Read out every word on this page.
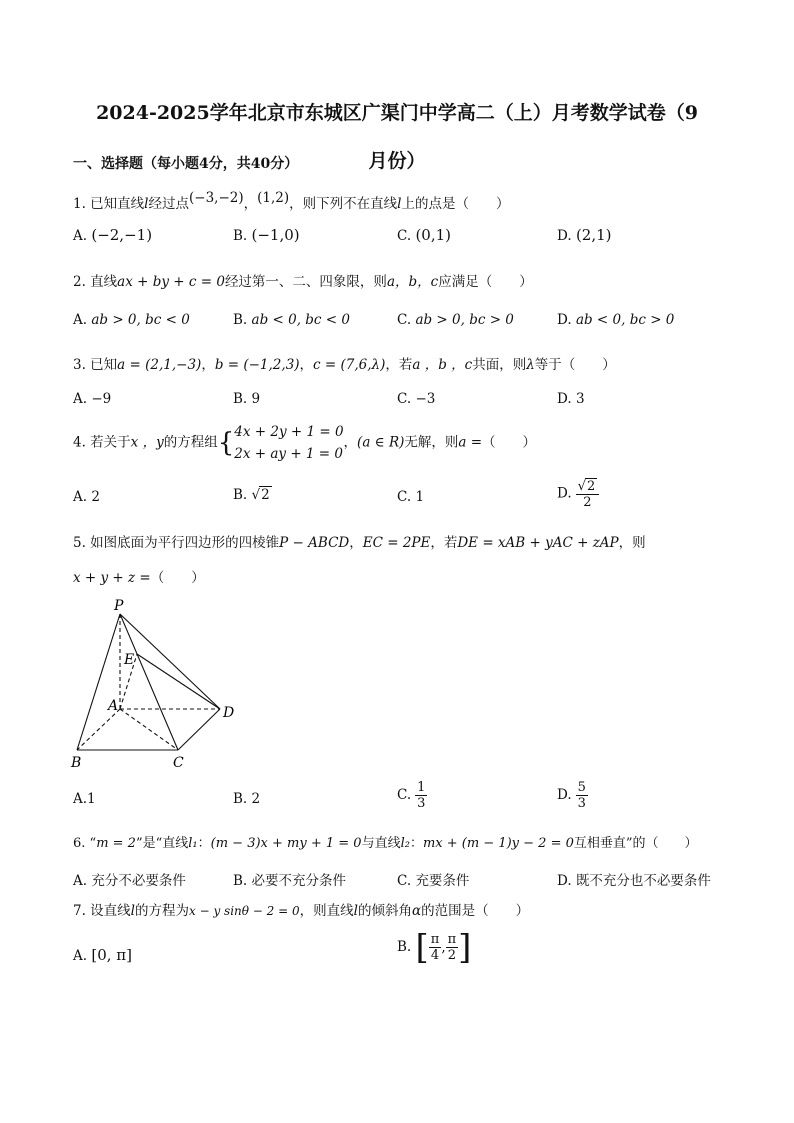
2024-2025学年北京市东城区广渠门中学高二（上）月考数学试卷（9
月份）
一、选择题（每小题4分，共40分）
1. 已知直线l经过点(−3,−2)，(1,2)，则下列不在直线l上的点是（　　）
A. (−2,−1)	B. (−1,0)	C. (0,1)	D. (2,1)
2. 直线ax + by + c = 0经过第一、二、四象限，则a，b，c应满足（　　）
A. ab > 0, bc < 0	B. ab < 0, bc < 0	C. ab > 0, bc > 0	D. ab < 0, bc > 0
3. 已知a = (2,1,−3)，b = (−1,2,3)，c = (7,6,λ)，若a ，b ，c共面，则λ等于（　　）
A. −9	B. 9	C. −3	D. 3
4. 若关于x ，y的方程组 { 4x + 2y + 1 = 0
2x + ay + 1 = 0
，(a ∈ R)无解，则a =（　　）
A. 2	B. √2	C. 1	D. $\frac{√2}{2}$
5. 如图底面为平行四边形的四棱锥P − ABCD，EC = 2PE，若DE = xAB + yAC + zAP，则
x + y + z =（　　）
P
E
A	D
B	C
A.1	B. 2	C. $\frac{1}{3}$	D. $\frac{5}{3}$
6. “m = 2”是“直线l₁：(m − 3)x + my + 1 = 0与直线l₂：mx + (m − 1)y − 2 = 0互相垂直”的（　　）
A. 充分不必要条件	B. 必要不充分条件	C. 充要条件	D. 既不充分也不必要条件
7. 设直线l的方程为x − y sinθ − 2 = 0，则直线l的倾斜角α的范围是（　　）
A. [0, π]	B. [ $\frac{\pi}{4}$ , $\frac{\pi}{2}$ ]
